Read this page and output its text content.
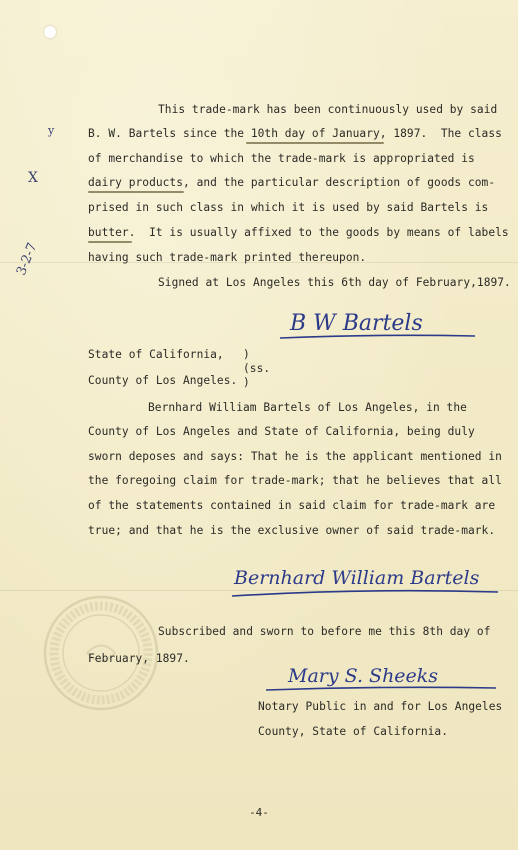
y
X
3-2-7
This trade-mark has been continuously used by said
B. W. Bartels since the 10th day of January, 1897.  The class
of merchandise to which the trade-mark is appropriated is
dairy products, and the particular description of goods com-
prised in such class in which it is used by said Bartels is
butter.  It is usually affixed to the goods by means of labels
having such trade-mark printed thereupon.
Signed at Los Angeles this 6th day of February,1897.
B W Bartels
State of California, )
(ss.
County of Los Angeles. )
Bernhard William Bartels of Los Angeles, in the
County of Los Angeles and State of California, being duly
sworn deposes and says: That he is the applicant mentioned in
the foregoing claim for trade-mark; that he believes that all
of the statements contained in said claim for trade-mark are
true; and that he is the exclusive owner of said trade-mark.
Bernhard William Bartels
Subscribed and sworn to before me this 8th day of
February, 1897.
Mary S. Sheeks
Notary Public in and for Los Angeles
County, State of California.
-4-
